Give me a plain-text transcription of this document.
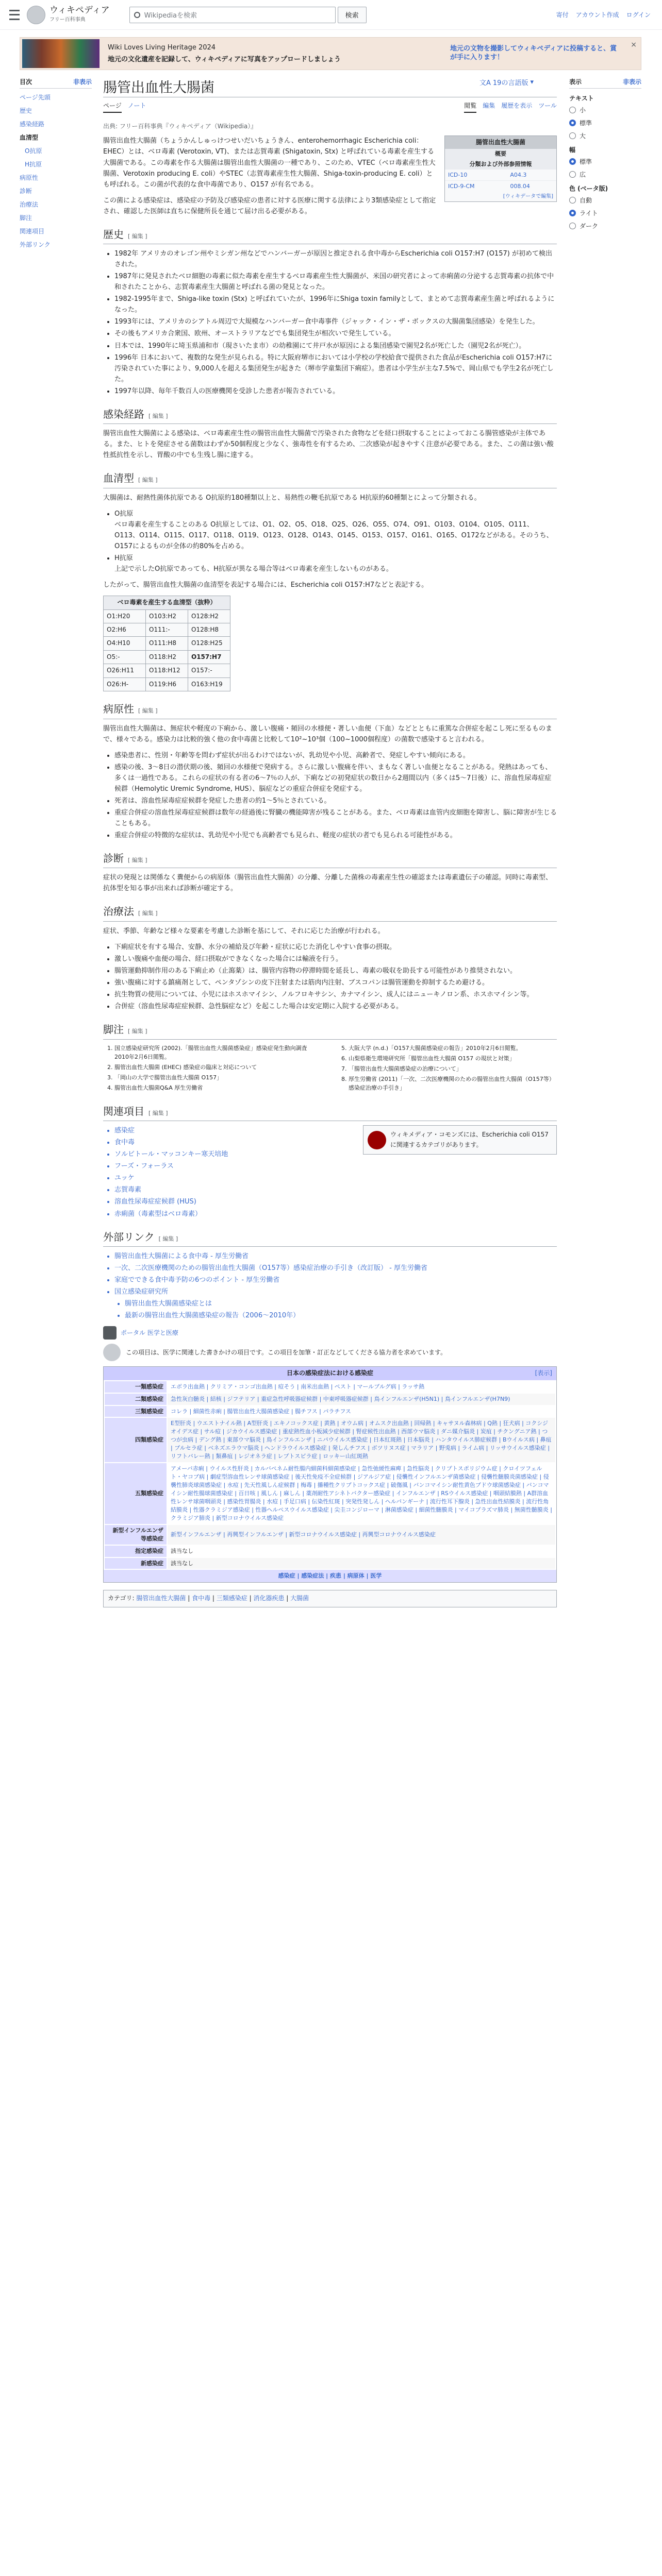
ウィキペディア
フリー百科事典
Wikipediaを検索	検索	寄付 アカウント作成 ログイン
Wiki Loves Living Heritage 2024
地元の文化遺産を記録して、ウィキペディアに写真をアップロードしましょう
地元の文物を撮影してウィキペディアに投稿すると、賞が手に入ります！
×
腸管出血性大腸菌	文A 19の言語版 ▾
ページ ノート	閲覧 編集 履歴を表示 ツール
目次	非表示
ページ先頭
歴史
感染経路
血清型
O抗原
H抗原
病原性
診断
治療法
脚注
関連項目
外部リンク
表示	非表示
テキスト
小
標準
大
幅
標準
広
色 (ベータ版)
自動
ライト
ダーク
出典: フリー百科事典『ウィキペディア（Wikipedia）』
腸管出血性大腸菌
概要
分類および外部参照情報
ICD-10	A04.3
ICD-9-CM	008.04
[ウィキデータで編集]

腸管出血性大腸菌（ちょうかんしゅっけつせいだいちょうきん、enterohemorrhagic Escherichia coli：EHEC）とは、ベロ毒素 (Verotoxin, VT)、または志賀毒素 (Shigatoxin, Stx) と呼ばれている毒素を産生する大腸菌である。この毒素を作る大腸菌は腸管出血性大腸菌の一種であり、このため、VTEC（ベロ毒素産生性大腸菌、Verotoxin producing E. coli）やSTEC（志賀毒素産生性大腸菌、Shiga-toxin-producing E. coli）とも呼ばれる。この菌が代表的な食中毒菌であり、O157 が有名である。

この菌による感染症は、感染症の予防及び感染症の患者に対する医療に関する法律により3類感染症として指定され、確認した医師は直ちに保健所長を通じて届け出る必要がある。

歴史 [ 編集 ]
• 1982年 アメリカのオレゴン州やミシガン州などでハンバーガーが原因と推定される食中毒からEscherichia coli O157:H7 (O157) が初めて検出された。
• 1987年に発見されたベロ細胞の毒素に似た毒素を産生するベロ毒素産生性大腸菌が、米国の研究者によって赤痢菌の分泌する志賀毒素の抗体で中和されたことから、志賀毒素産生大腸菌と呼ばれる菌の発見となった。
• 1982-1995年まで、Shiga-like toxin (Stx) と呼ばれていたが、1996年にShiga toxin familyとして、まとめて志賀毒素産生菌と呼ばれるようになった。
• 1993年には、アメリカのシアトル周辺で大規模なハンバーガー食中毒事件（ジャック・イン・ザ・ボックスの大腸菌集団感染）を発生した。
• その後もアメリカ合衆国、欧州、オーストラリアなどでも集団発生が相次いで発生している。
• 日本では、1990年に埼玉県浦和市（現さいたま市）の幼稚園にて井戸水が原因による集団感染で園児2名が死亡した（園児2名が死亡）。
• 1996年 日本において、複数的な発生が見られる。特に大阪府堺市においては小学校の学校給食で提供された食品がEscherichia coli O157:H7に汚染されていた事により、9,000人を超える集団発生が起きた（堺市学童集団下痢症）。患者は小学生が主な7.5%で、岡山県でも学生2名が死亡した。
• 1997年以降、毎年千数百人の医療機関を受診した患者が報告されている。
感染経路 [ 編集 ]

腸管出血性大腸菌による感染は、ベロ毒素産生性の腸管出血性大腸菌で汚染された食物などを経口摂取することによっておこる腸管感染が主体である。また、ヒトを発症させる菌数はわずか50個程度と少なく、強毒性を有するため、二次感染が起きやすく注意が必要である。また、この菌は強い酸性抵抗性を示し、胃酸の中でも生残し腸に達する。

血清型 [ 編集 ]

大腸菌は、耐熱性菌体抗原である O抗原約180種類以上と、易熱性の鞭毛抗原である H抗原約60種類とによって分類される。

• O抗原
ベロ毒素を産生することのある O抗原としては、O1、O2、O5、O18、O25、O26、O55、O74、O91、O103、O104、O105、O111、O113、O114、O115、O117、O118、O119、O123、O128、O143、O145、O153、O157、O161、O165、O172などがある。そのうち、O157によるものが全体の約80%を占める。
• H抗原
上記で示したO抗原であっても、H抗原が異なる場合等はベロ毒素を産生しないものがある。

したがって、腸管出血性大腸菌の血清型を表記する場合には、Escherichia coli O157:H7などと表記する。

ベロ毒素を産生する血清型（抜粋）		
O1:H20	O103:H2	O128:H2
O2:H6	O111:-	O128:H8
O4:H10	O111:H8	O128:H25
O5:-	O118:H2	O157:H7
O26:H11	O118:H12	O157:-
O26:H-	O119:H6	O163:H19
病原性 [ 編集 ]

腸管出血性大腸菌は、無症状や軽度の下痢から、激しい腹痛・頻回の水様便・著しい血便（下血）などとともに重篤な合併症を起こし死に至るものまで、様々である。感染力は比較的強く他の食中毒菌と比較して10²~10³個（100~1000個程度）の菌数で感染すると言われる。

• 感染患者に、性別・年齢等を問わず症状が出るわけではないが、乳幼児や小児、高齢者で、発症しやすい傾向にある。
• 感染の後、3～8日の潜伏期の後、頻回の水様便で発病する。さらに激しい腹痛を伴い、まもなく著しい血便となることがある。発熱はあっても、多くは一過性である。これらの症状の有る者の6～7％の人が、下痢などの初発症状の数日から2週間以内（多くは5～7日後）に、溶血性尿毒症症候群（Hemolytic Uremic Syndrome, HUS）、脳症などの重症合併症を発症する。
• 死者は、溶血性尿毒症症候群を発症した患者の約1～5％とされている。
• 重症合併症の溶血性尿毒症症候群は数年の経過後に腎臓の機能障害が残ることがある。また、ベロ毒素は血管内皮細胞を障害し、脳に障害が生じることもある。
• 重症合併症の特徴的な症状は、乳幼児や小児でも高齢者でも見られ、軽度の症状の者でも見られる可能性がある。
診断 [ 編集 ]

症状の発現とは関係なく糞便からの病原体（腸管出血性大腸菌）の分離、分離した菌株の毒素産生性の確認または毒素遺伝子の確認。同時に毒素型、抗体型を知る事が出来れば診断が確定する。

治療法 [ 編集 ]

症状、季節、年齢など様々な要素を考慮した診断を基にして、それに応じた治療が行われる。

• 下痢症状を有する場合、安静、水分の補給及び年齢・症状に応じた消化しやすい食事の摂取。
• 激しい腹痛や血便の場合、経口摂取ができなくなった場合には輸液を行う。
• 腸管運動抑制作用のある下痢止め（止瀉薬）は、腸管内容物の停滞時間を延長し、毒素の吸収を助長する可能性があり推奨されない。
• 強い腹痛に対する鎮痛剤として、ペンタゾシンの皮下注射または筋肉内注射、ブスコパンは腸管運動を抑制するため避ける。
• 抗生物質の使用については、小児にはホスホマイシン、ノルフロキサシン、カナマイシン、成人にはニューキノロン系、ホスホマイシン等。
• 合併症（溶血性尿毒症症候群、急性脳症など）を起こした場合は安定期に入院する必要がある。
脚注 [ 編集 ]
1. 国立感染症研究所 (2002).「腸管出血性大腸菌感染症」感染症発生動向調査 2010年2月6日閲覧。
2. 腸管出血性大腸菌 (EHEC) 感染症の臨床と対応について
3. 「岡山の大学で腸管出血性大腸菌 O157」
4. 腸管出血性大腸菌Q&A 厚生労働省
5. 大阪大学 (n.d.)「O157大腸菌感染症の報告」2010年2月6日閲覧。
6. 山梨県衛生環境研究所「腸管出血性大腸菌 O157 の現状と対策」
7. 「腸管出血性大腸菌感染症の治療について」
8. 厚生労働省 (2011)「一次、二次医療機関のための腸管出血性大腸菌（O157等）感染症治療の手引き」
関連項目 [ 編集 ]
ウィキメディア・コモンズには、Escherichia coli O157に関連するカテゴリがあります。
• 感染症
• 食中毒
• ソルビトール・マッコンキー寒天培地
• フーズ・フォーラス
• ユッケ
• 志賀毒素
• 溶血性尿毒症症候群 (HUS)
• 赤痢菌（毒素型はベロ毒素）
外部リンク [ 編集 ]
• 腸管出血性大腸菌による食中毒 - 厚生労働省
• 一次、二次医療機関のための腸管出血性大腸菌（O157等）感染症治療の手引き（改訂版） - 厚生労働省
• 家庭でできる食中毒予防の6つのポイント - 厚生労働省
• 国立感染症研究所
• 腸管出血性大腸菌感染症とは
• 最新の腸管出血性大腸菌感染症の報告（2006～2010年）
ポータル 医学と医療
この項目は、医学に関連した書きかけの項目です。この項目を加筆・訂正などしてくださる協力者を求めています。
日本の感染症法における感染症	[表示]
一類感染症	エボラ出血熱 | クリミア・コンゴ出血熱 | 痘そう | 南米出血熱 | ペスト | マールブルグ病 | ラッサ熱
二類感染症	急性灰白髄炎 | 結核 | ジフテリア | 重症急性呼吸器症候群 | 中東呼吸器症候群 | 鳥インフルエンザ(H5N1) | 鳥インフルエンザ(H7N9)
三類感染症	コレラ | 細菌性赤痢 | 腸管出血性大腸菌感染症 | 腸チフス | パラチフス
四類感染症	E型肝炎 | ウエストナイル熱 | A型肝炎 | エキノコックス症 | 黄熱 | オウム病 | オムスク出血熱 | 回帰熱 | キャサヌル森林病 | Q熱 | 狂犬病 | コクシジオイデス症 | サル痘 | ジカウイルス感染症 | 重症熱性血小板減少症候群 | 腎症候性出血熱 | 西部ウマ脳炎 | ダニ媒介脳炎 | 炭疽 | チクングニア熱 | つつが虫病 | デング熱 | 東部ウマ脳炎 | 鳥インフルエンザ | ニパウイルス感染症 | 日本紅斑熱 | 日本脳炎 | ハンタウイルス肺症候群 | Bウイルス病 | 鼻疽 | ブルセラ症 | ベネズエラウマ脳炎 | ヘンドラウイルス感染症 | 発しんチフス | ボツリヌス症 | マラリア | 野兎病 | ライム病 | リッサウイルス感染症 | リフトバレー熱 | 類鼻疽 | レジオネラ症 | レプトスピラ症 | ロッキー山紅斑熱
五類感染症	アメーバ赤痢 | ウイルス性肝炎 | カルバペネム耐性腸内細菌科細菌感染症 | 急性弛緩性麻痺 | 急性脳炎 | クリプトスポリジウム症 | クロイツフェルト・ヤコブ病 | 劇症型溶血性レンサ球菌感染症 | 後天性免疫不全症候群 | ジアルジア症 | 侵襲性インフルエンザ菌感染症 | 侵襲性髄膜炎菌感染症 | 侵襲性肺炎球菌感染症 | 水痘 | 先天性風しん症候群 | 梅毒 | 播種性クリプトコックス症 | 破傷風 | バンコマイシン耐性黄色ブドウ球菌感染症 | バンコマイシン耐性腸球菌感染症 | 百日咳 | 風しん | 麻しん | 薬剤耐性アシネトバクター感染症 | インフルエンザ | RSウイルス感染症 | 咽頭結膜熱 | A群溶血性レンサ球菌咽頭炎 | 感染性胃腸炎 | 水痘 | 手足口病 | 伝染性紅斑 | 突発性発しん | ヘルパンギーナ | 流行性耳下腺炎 | 急性出血性結膜炎 | 流行性角結膜炎 | 性器クラミジア感染症 | 性器ヘルペスウイルス感染症 | 尖圭コンジローマ | 淋菌感染症 | 細菌性髄膜炎 | マイコプラズマ肺炎 | 無菌性髄膜炎 | クラミジア肺炎 | 新型コロナウイルス感染症
新型インフルエンザ等感染症	新型インフルエンザ | 再興型インフルエンザ | 新型コロナウイルス感染症 | 再興型コロナウイルス感染症
指定感染症	該当なし
新感染症	該当なし
感染症 | 感染症法 | 疾患 | 病原体 | 医学
カテゴリ: 腸管出血性大腸菌 | 食中毒 | 三類感染症 | 消化器疾患 | 大腸菌
